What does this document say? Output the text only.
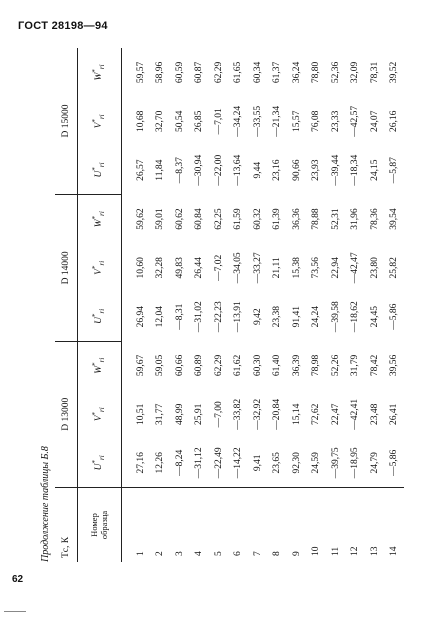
ГОСТ 28198—94
Продолжение таблицы Б.8 Tс, К	D 13000			D 14000			D 15000		

Номер образца	$U^*_{ri}$	$V^*_{ri}$	$W^*_{ri}$	$U^*_{ri}$	$V^*_{ri}$	$W^*_{ri}$	$U^*_{ri}$	$V^*_{ri}$	$W^*_{ri}$

1	27,16	10,51	59,67	26,94	10,60	59,62	26,57	10,68	59,57
2	12,26	31,77	59,05	12,04	32,28	59,01	11,84	32,70	58,96
3	—8,24	48,99	60,66	—8,31	49,83	60,62	—8,37	50,54	60,59
4	—31,12	25,91	60,89	—31,02	26,44	60,84	—30,94	26,85	60,87
5	—22,49	—7,00	62,29	—22,23	—7,02	62,25	—22,00	—7,01	62,29
6	—14,22	—33,82	61,62	—13,91	—34,05	61,59	—13,64	—34,24	61,65
7	9,41	—32,92	60,30	9,42	—33,27	60,32	9,44	—33,55	60,34
8	23,65	—20,84	61,40	23,38	21,11	61,39	23,16	—21,34	61,37
9	92,30	15,14	36,39	91,41	15,38	36,36	90,66	15,57	36,24
10	24,59	72,62	78,98	24,24	73,56	78,88	23,93	76,08	78,80
11	—39,75	22,47	52,26	—39,58	22,94	52,31	—39,44	23,33	52,36
12	—18,95	—42,41	31,79	—18,62	—42,47	31,96	—18,34	—42,57	32,09
13	24,79	23,48	78,42	24,45	23,80	78,36	24,15	24,07	78,31
14	—5,86	26,41	39,56	—5,86	25,82	39,54	—5,87	26,16	39,52
62
